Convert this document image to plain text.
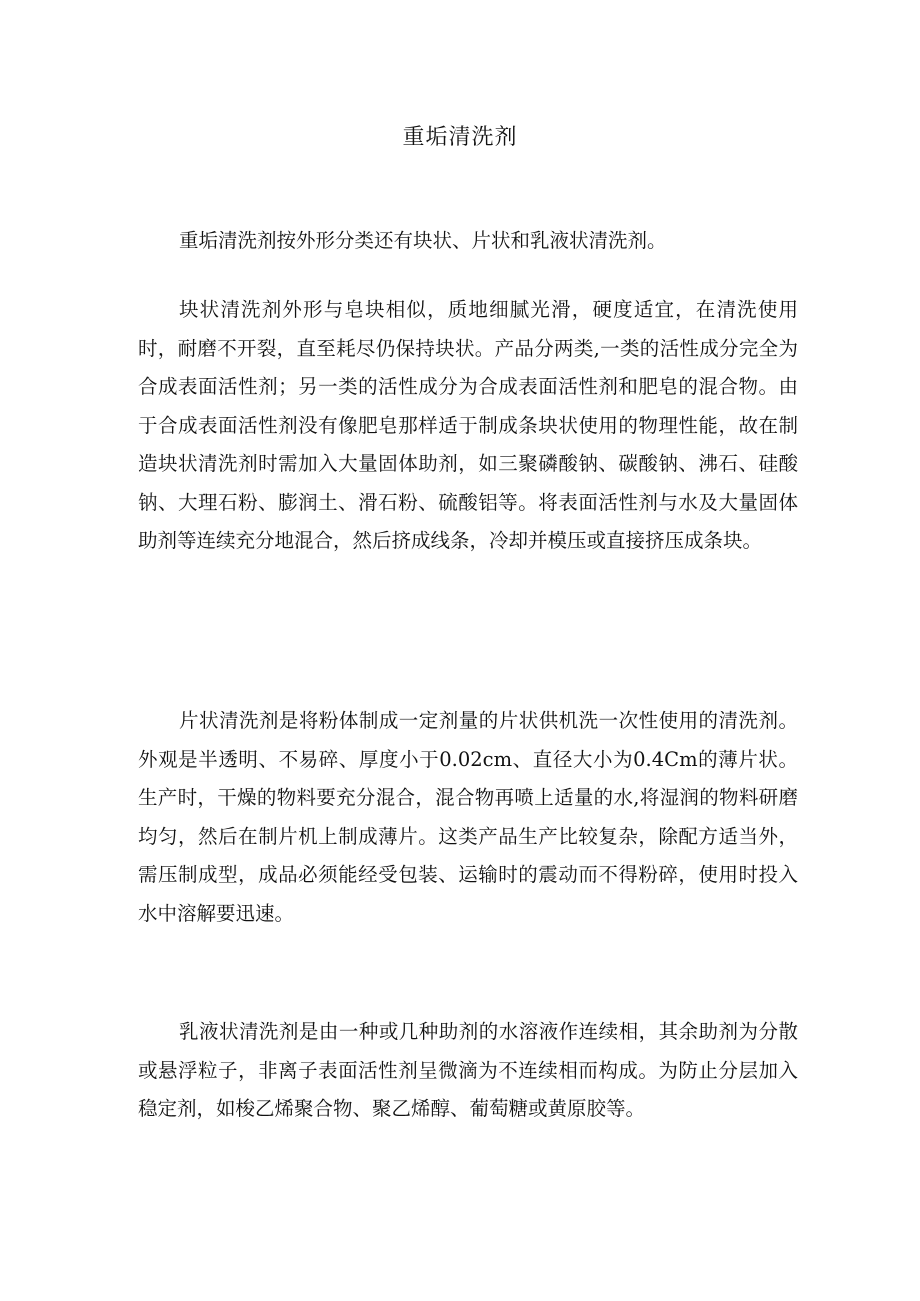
重垢清洗剂

重垢清洗剂按外形分类还有块状、片状和乳液状清洗剂。

块状清洗剂外形与皂块相似，质地细腻光滑，硬度适宜，在清洗使用时，耐磨不开裂，直至耗尽仍保持块状。产品分两类,一类的活性成分完全为合成表面活性剂；另一类的活性成分为合成表面活性剂和肥皂的混合物。由于合成表面活性剂没有像肥皂那样适于制成条块状使用的物理性能，故在制造块状清洗剂时需加入大量固体助剂，如三聚磷酸钠、碳酸钠、沸石、硅酸钠、大理石粉、膨润土、滑石粉、硫酸铝等。将表面活性剂与水及大量固体助剂等连续充分地混合，然后挤成线条，冷却并模压或直接挤压成条块。

片状清洗剂是将粉体制成一定剂量的片状供机洗一次性使用的清洗剂。外观是半透明、不易碎、厚度小于0.02cm、直径大小为0.4Cm的薄片状。生产时，干燥的物料要充分混合，混合物再喷上适量的水,将湿润的物料研磨均匀，然后在制片机上制成薄片。这类产品生产比较复杂，除配方适当外，需压制成型，成品必须能经受包装、运输时的震动而不得粉碎，使用时投入水中溶解要迅速。

乳液状清洗剂是由一种或几种助剂的水溶液作连续相，其余助剂为分散或悬浮粒子，非离子表面活性剂呈微滴为不连续相而构成。为防止分层加入稳定剂，如梭乙烯聚合物、聚乙烯醇、葡萄糖或黄原胶等。
